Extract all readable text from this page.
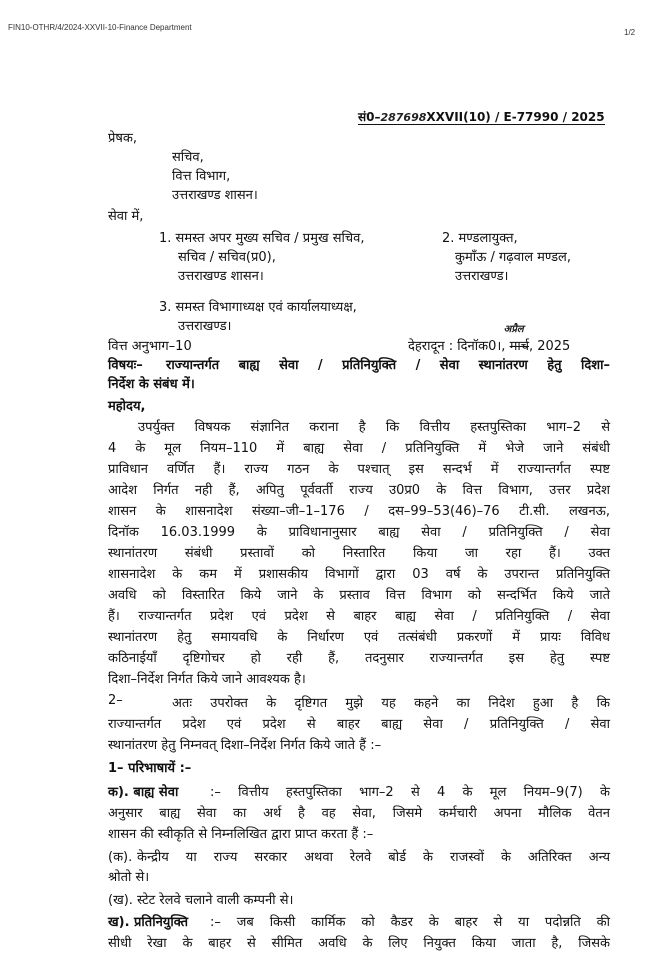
FIN10-OTHR/4/2024-XXVII-10-Finance Department
1/2
सं0–287698XXVII(10) / E-77990 / 2025
प्रेषक,
सचिव,
वित्त विभाग,
उत्तराखण्ड शासन।
सेवा में,
1. समस्त अपर मुख्य सचिव / प्रमुख सचिव,
सचिव / सचिव(प्र0),
उत्तराखण्ड शासन।
2. मण्डलायुक्त,
कुमाँऊ / गढ़वाल मण्डल,
उत्तराखण्ड।
3. समस्त विभागाध्यक्ष एवं कार्यालयाध्यक्ष,
उत्तराखण्ड।
वित्त अनुभाग–10	देहरादून : दिनॉक0।, मार्च
अप्रैल
, 2025
विषयः– राज्यान्तर्गत बाह्य सेवा / प्रतिनियुक्ति / सेवा स्थानांतरण हेतु दिशा–
निर्देश के संबंध में।
महोदय,
उपर्युक्त विषयक संज्ञानित कराना है कि वित्तीय हस्तपुस्तिका भाग–2 से
4 के मूल नियम–110 में बाह्य सेवा / प्रतिनियुक्ति में भेजे जाने संबंधी
प्राविधान वर्णित हैं। राज्य गठन के पश्चात् इस सन्दर्भ में राज्यान्तर्गत स्पष्ट
आदेश निर्गत नही हैं, अपितु पूर्ववर्ती राज्य उ0प्र0 के वित्त विभाग, उत्तर प्रदेश
शासन के शासनादेश संख्या–जी–1–176 / दस–99–53(46)–76 टी.सी. लखनऊ,
दिनॉक 16.03.1999 के प्राविधानानुसार बाह्य सेवा / प्रतिनियुक्ति / सेवा
स्थानांतरण संबंधी प्रस्तावों को निस्तारित किया जा रहा हैं। उक्त
शासनादेश के कम में प्रशासकीय विभागों द्वारा 03 वर्ष के उपरान्त प्रतिनियुक्ति
अवधि को विस्तारित किये जाने के प्रस्ताव वित्त विभाग को सन्दर्भित किये जाते
हैं। राज्यान्तर्गत प्रदेश एवं प्रदेश से बाहर बाह्य सेवा / प्रतिनियुक्ति / सेवा
स्थानांतरण हेतु समायवधि के निर्धारण एवं तत्संबंधी प्रकरणों में प्रायः विविध
कठिनाईयॉं दृष्टिगोचर हो रही हैं, तदनुसार राज्यान्तर्गत इस हेतु स्पष्ट
दिशा–निर्देश निर्गत किये जाने आवश्यक है।
2–	अतः उपरोक्त के दृष्टिगत मुझे यह कहने का निदेश हुआ है कि
राज्यान्तर्गत प्रदेश एवं प्रदेश से बाहर बाह्य सेवा / प्रतिनियुक्ति / सेवा
स्थानांतरण हेतु निम्नवत् दिशा–निर्देश निर्गत किये जाते हैं :–
1– परिभाषायें :–
क). बाह्य सेवा :– वित्तीय हस्तपुस्तिका भाग–2 से 4 के मूल नियम–9(7) के
अनुसार बाह्य सेवा का अर्थ है वह सेवा, जिसमे कर्मचारी अपना मौलिक वेतन
शासन की स्वीकृति से निम्नलिखित द्वारा प्राप्त करता हैं :–
(क). केन्द्रीय या राज्य सरकार अथवा रेलवे बोर्ड के राजस्वों के अतिरिक्त अन्य
श्रोतो से।
(ख). स्टेट रेलवे चलाने वाली कम्पनी से।
ख). प्रतिनियुक्ति :– जब किसी कार्मिक को कैडर के बाहर से या पदोन्नति की
सीधी रेखा के बाहर से सीमित अवधि के लिए नियुक्त किया जाता है, जिसके
